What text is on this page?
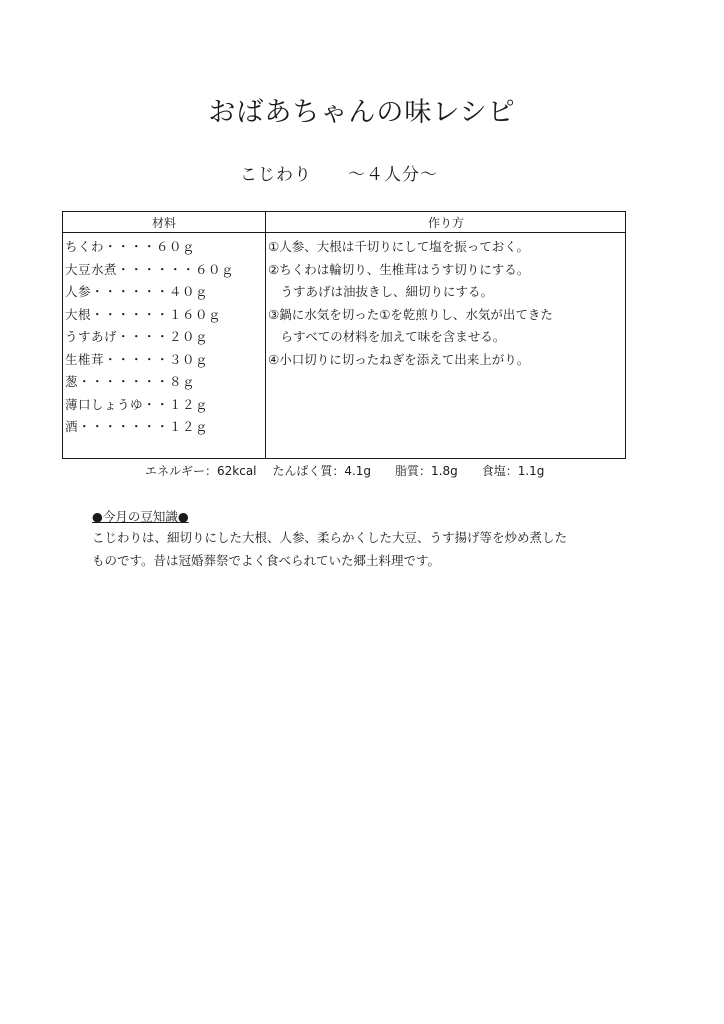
おばあちゃんの味レシピ
こじわり　　～４人分～
材料	作り方
ちくわ・・・・６０ｇ
大豆水煮・・・・・・６０ｇ
人参・・・・・・４０ｇ
大根・・・・・・１６０ｇ
うすあげ・・・・２０ｇ
生椎茸・・・・・３０ｇ
葱・・・・・・・８ｇ
薄口しょうゆ・・１２ｇ
酒・・・・・・・１２ｇ
①人参、大根は千切りにして塩を振っておく。
②ちくわは輪切り、生椎茸はうす切りにする。
　うすあげは油抜きし、細切りにする。
③鍋に水気を切った①を乾煎りし、水気が出てきた
　らすべての材料を加えて味を含ませる。
④小口切りに切ったねぎを添えて出来上がり。
エネルギー：62kcal　 たんぱく質：4.1g　　脂質：1.8g　　食塩：1.1g
●今月の豆知識●
こじわりは、細切りにした大根、人参、柔らかくした大豆、うす揚げ等を炒め煮した
ものです。昔は冠婚葬祭でよく食べられていた郷土料理です。
